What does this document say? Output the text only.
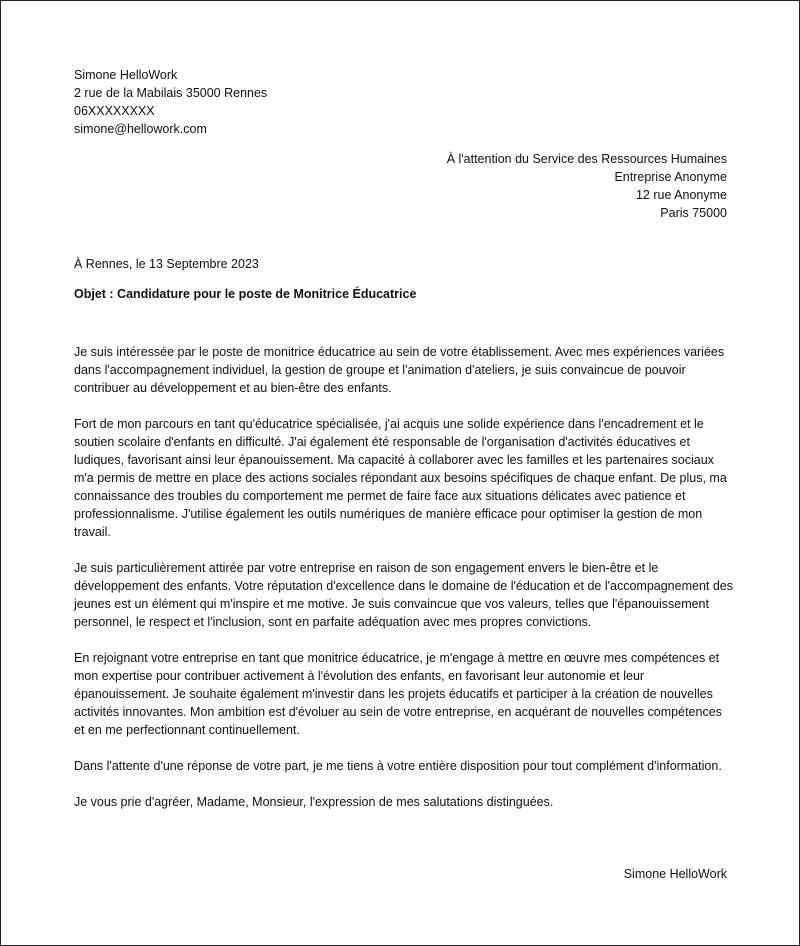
Simone HelloWork
2 rue de la Mabilais 35000 Rennes
06XXXXXXXX
simone@hellowork.com
À l'attention du Service des Ressources Humaines
Entreprise Anonyme
12 rue Anonyme
Paris 75000
À Rennes, le 13 Septembre 2023
Objet : Candidature pour le poste de Monitrice Éducatrice

Je suis intéressée par le poste de monitrice éducatrice au sein de votre établissement. Avec mes expériences variées dans l'accompagnement individuel, la gestion de groupe et l'animation d'ateliers, je suis convaincue de pouvoir contribuer au développement et au bien-être des enfants.

Fort de mon parcours en tant qu'éducatrice spécialisée, j'ai acquis une solide expérience dans l'encadrement et le soutien scolaire d'enfants en difficulté. J'ai également été responsable de l'organisation d'activités éducatives et ludiques, favorisant ainsi leur épanouissement. Ma capacité à collaborer avec les familles et les partenaires sociaux m'a permis de mettre en place des actions sociales répondant aux besoins spécifiques de chaque enfant. De plus, ma connaissance des troubles du comportement me permet de faire face aux situations délicates avec patience et professionnalisme. J'utilise également les outils numériques de manière efficace pour optimiser la gestion de mon travail.

Je suis particulièrement attirée par votre entreprise en raison de son engagement envers le bien-être et le développement des enfants. Votre réputation d'excellence dans le domaine de l'éducation et de l'accompagnement des jeunes est un élément qui m'inspire et me motive. Je suis convaincue que vos valeurs, telles que l'épanouissement personnel, le respect et l'inclusion, sont en parfaite adéquation avec mes propres convictions.

En rejoignant votre entreprise en tant que monitrice éducatrice, je m'engage à mettre en œuvre mes compétences et mon expertise pour contribuer activement à l'évolution des enfants, en favorisant leur autonomie et leur épanouissement. Je souhaite également m'investir dans les projets éducatifs et participer à la création de nouvelles activités innovantes. Mon ambition est d'évoluer au sein de votre entreprise, en acquérant de nouvelles compétences et en me perfectionnant continuellement.

Dans l'attente d'une réponse de votre part, je me tiens à votre entière disposition pour tout complément d'information.

Je vous prie d'agréer, Madame, Monsieur, l'expression de mes salutations distinguées.

Simone HelloWork
